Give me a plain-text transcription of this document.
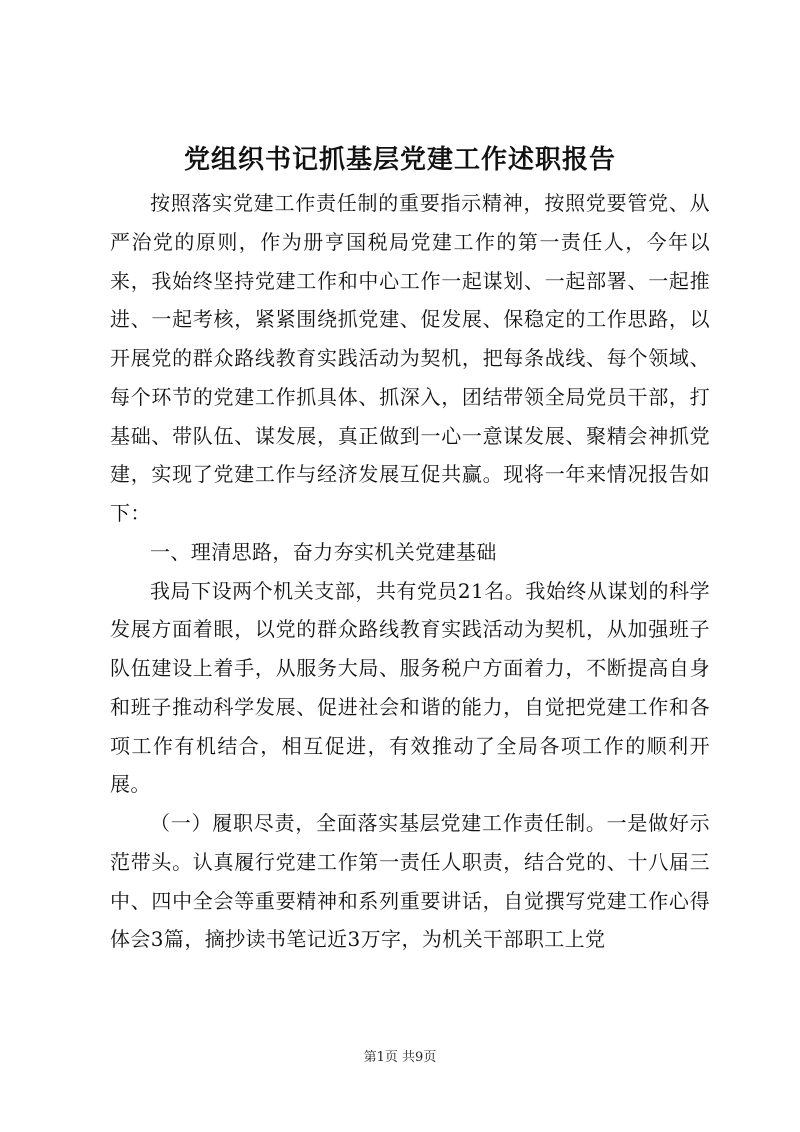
党组织书记抓基层党建工作述职报告

按照落实党建工作责任制的重要指示精神，按照党要管党、从严治党的原则，作为册亨国税局党建工作的第一责任人，今年以来，我始终坚持党建工作和中心工作一起谋划、一起部署、一起推进、一起考核，紧紧围绕抓党建、促发展、保稳定的工作思路，以开展党的群众路线教育实践活动为契机，把每条战线、每个领域、每个环节的党建工作抓具体、抓深入，团结带领全局党员干部，打基础、带队伍、谋发展，真正做到一心一意谋发展、聚精会神抓党建，实现了党建工作与经济发展互促共赢。现将一年来情况报告如下：

一、理清思路，奋力夯实机关党建基础

我局下设两个机关支部，共有党员21名。我始终从谋划的科学发展方面着眼，以党的群众路线教育实践活动为契机，从加强班子队伍建设上着手，从服务大局、服务税户方面着力，不断提高自身和班子推动科学发展、促进社会和谐的能力，自觉把党建工作和各项工作有机结合，相互促进，有效推动了全局各项工作的顺利开展。

（一）履职尽责，全面落实基层党建工作责任制。一是做好示范带头。认真履行党建工作第一责任人职责，结合党的、十八届三中、四中全会等重要精神和系列重要讲话，自觉撰写党建工作心得体会3篇，摘抄读书笔记近3万字，为机关干部职工上党

第1页 共9页
